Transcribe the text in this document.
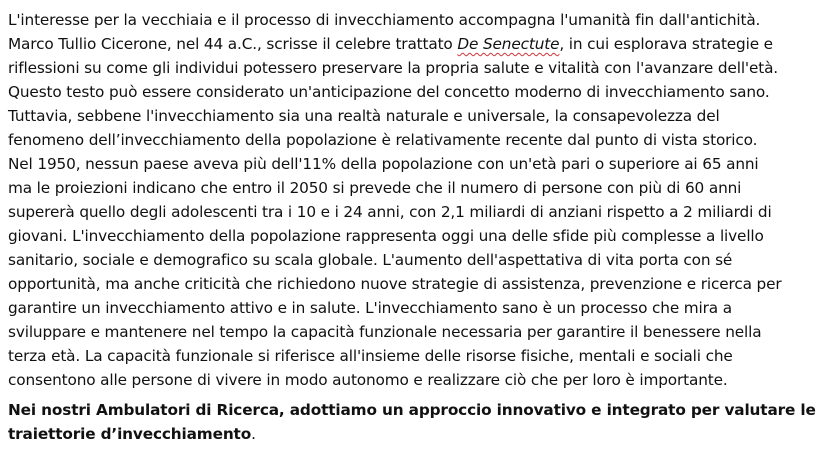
L'interesse per la vecchiaia e il processo di invecchiamento accompagna l'umanità fin dall'antichità.
Marco Tullio Cicerone, nel 44 a.C., scrisse il celebre trattato De Senectute, in cui esplorava strategie e
riflessioni su come gli individui potessero preservare la propria salute e vitalità con l'avanzare dell'età.
Questo testo può essere considerato un'anticipazione del concetto moderno di invecchiamento sano.
Tuttavia, sebbene l'invecchiamento sia una realtà naturale e universale, la consapevolezza del
fenomeno dell’invecchiamento della popolazione è relativamente recente dal punto di vista storico.
Nel 1950, nessun paese aveva più dell'11% della popolazione con un'età pari o superiore ai 65 anni
ma le proiezioni indicano che entro il 2050 si prevede che il numero di persone con più di 60 anni
supererà quello degli adolescenti tra i 10 e i 24 anni, con 2,1 miliardi di anziani rispetto a 2 miliardi di
giovani. L'invecchiamento della popolazione rappresenta oggi una delle sfide più complesse a livello
sanitario, sociale e demografico su scala globale. L'aumento dell'aspettativa di vita porta con sé
opportunità, ma anche criticità che richiedono nuove strategie di assistenza, prevenzione e ricerca per
garantire un invecchiamento attivo e in salute. L'invecchiamento sano è un processo che mira a
sviluppare e mantenere nel tempo la capacità funzionale necessaria per garantire il benessere nella
terza età. La capacità funzionale si riferisce all'insieme delle risorse fisiche, mentali e sociali che
consentono alle persone di vivere in modo autonomo e realizzare ciò che per loro è importante.
Nei nostri Ambulatori di Ricerca, adottiamo un approccio innovativo e integrato per valutare le
traiettorie d’invecchiamento.
